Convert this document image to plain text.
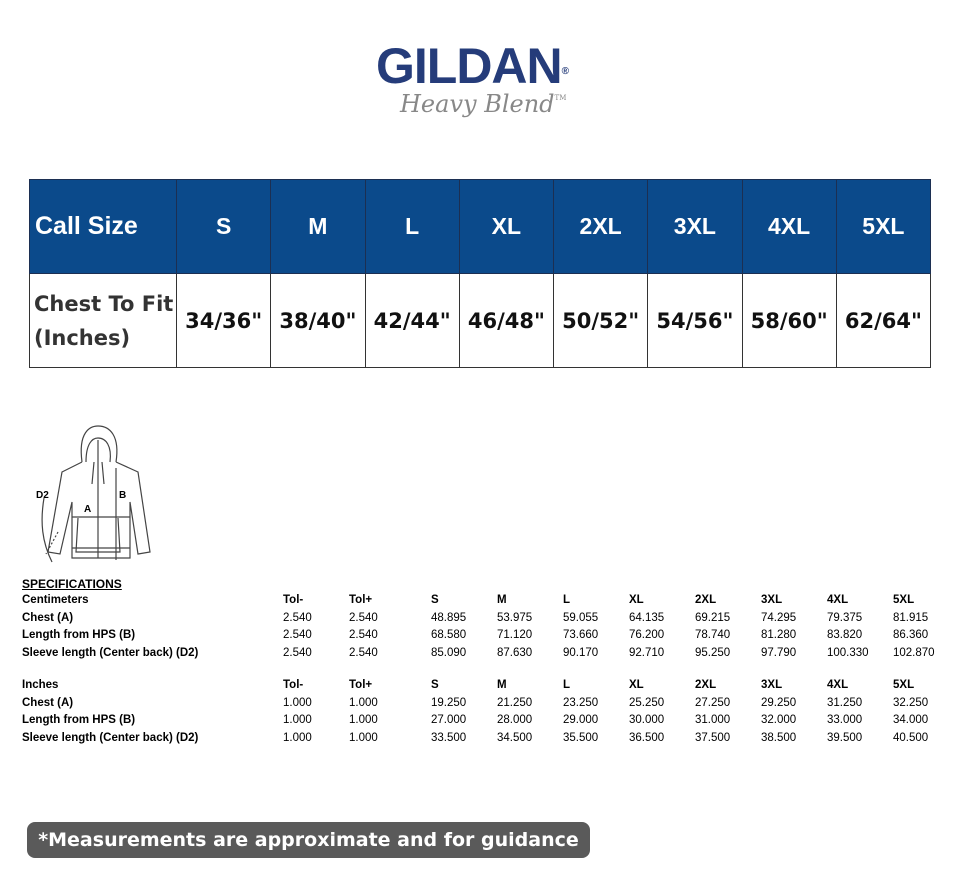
GILDAN®
Heavy Blend™
Call Size	S	M	L	XL	2XL	3XL	4XL	5XL
Chest To Fit
(Inches)	34/36"	38/40"	42/44"	46/48"	50/52"	54/56"	58/60"	62/64"
D2
A
B
SPECIFICATIONS
Centimeters	Tol-	Tol+	S	M	L	XL	2XL	3XL	4XL	5XL
Chest (A)	2.540	2.540	48.895	53.975	59.055	64.135	69.215	74.295	79.375	81.915
Length from HPS (B)	2.540	2.540	68.580	71.120	73.660	76.200	78.740	81.280	83.820	86.360
Sleeve length (Center back) (D2)	2.540	2.540	85.090	87.630	90.170	92.710	95.250	97.790	100.330 102.870
Inches	Tol-	Tol+	S	M	L	XL	2XL	3XL	4XL	5XL
Chest (A)	1.000	1.000	19.250	21.250	23.250	25.250	27.250	29.250	31.250	32.250
Length from HPS (B)	1.000	1.000	27.000	28.000	29.000	30.000	31.000	32.000	33.000	34.000
Sleeve length (Center back) (D2)	1.000	1.000	33.500	34.500	35.500	36.500	37.500	38.500	39.500	40.500
*Measurements are approximate and for guidance only
